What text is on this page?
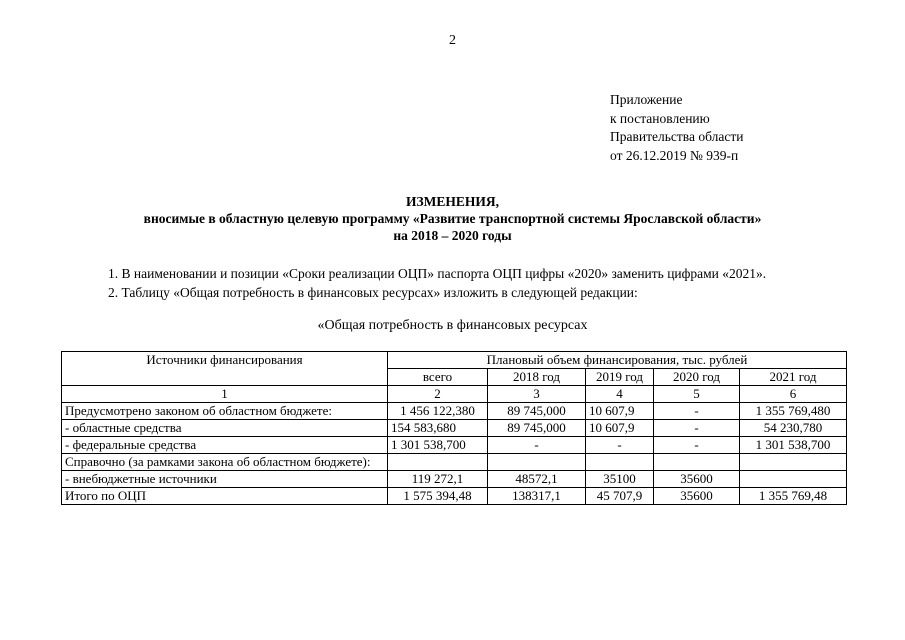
2
Приложение
к постановлению
Правительства области
от 26.12.2019 № 939-п
ИЗМЕНЕНИЯ,
вносимые в областную целевую программу «Развитие транспортной системы Ярославской области»
на 2018 – 2020 годы
1. В наименовании и позиции «Сроки реализации ОЦП» паспорта ОЦП цифры «2020» заменить цифрами «2021».
2. Таблицу «Общая потребность в финансовых ресурсах» изложить в следующей редакции:
«Общая потребность в финансовых ресурсах
Источники финансирования	Плановый объем финансирования, тыс. рублей				
	всего	2018 год	2019 год	2020 год	2021 год
1	2	3	4	5	6
Предусмотрено законом об областном бюджете:	1 456 122,380	89 745,000	10 607,9	-	1 355 769,480
- областные средства	154 583,680	89 745,000	10 607,9	-	54 230,780
- федеральные средства	1 301 538,700	-	-	-	1 301 538,700
Справочно (за рамками закона об областном бюджете):					
- внебюджетные источники	119 272,1	48572,1	35100	35600	
Итого по ОЦП	1 575 394,48	138317,1	45 707,9	35600	1 355 769,48
